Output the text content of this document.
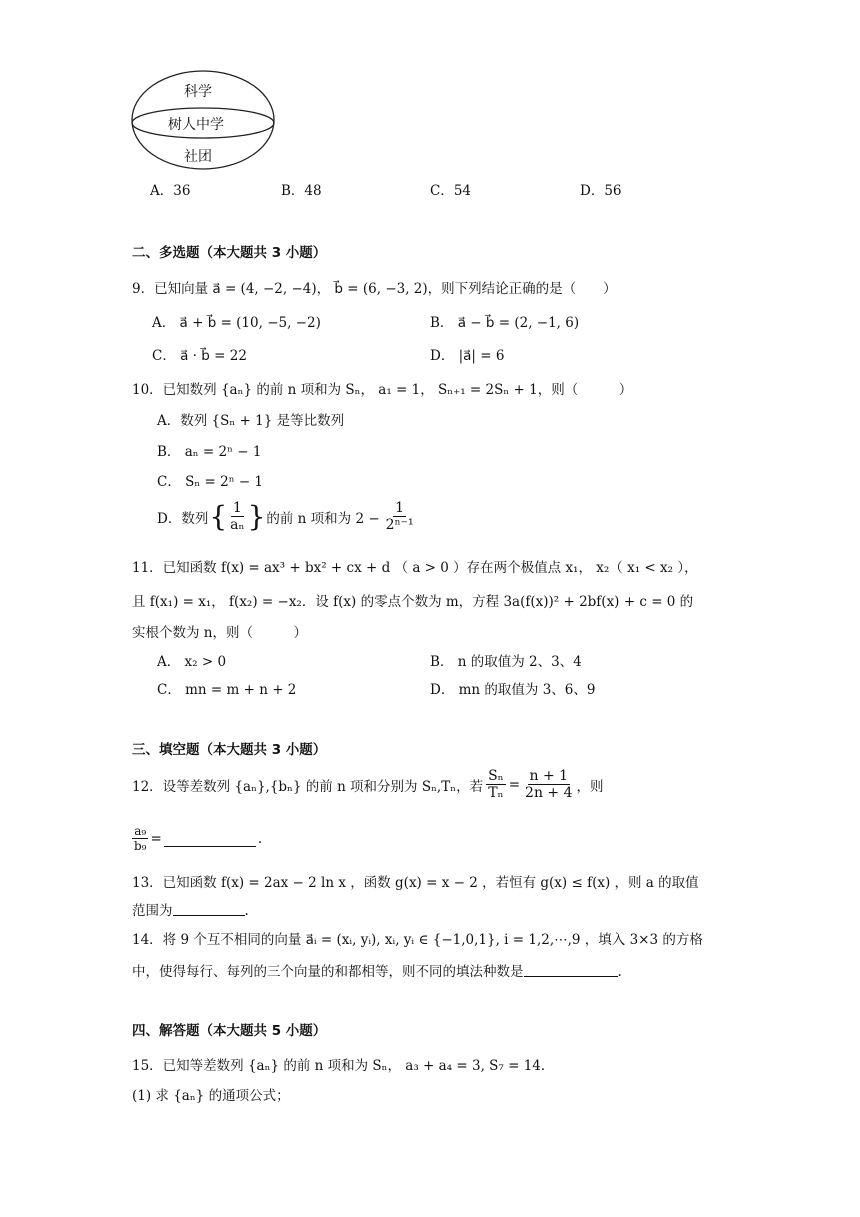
科学
树人中学
社团
A．36	B．48	C．54	D．56
二、多选题（本大题共 3 小题）
9．已知向量 a⃗ = (4, −2, −4)， b⃗ = (6, −3, 2)，则下列结论正确的是（　　）
A． a⃗ + b⃗ = (10, −5, −2)	B． a⃗ − b⃗ = (2, −1, 6)
C． a⃗ · b⃗ = 22	D． |a⃗| = 6
10．已知数列 {aₙ} 的前 n 项和为 Sₙ， a₁ = 1， Sₙ₊₁ = 2Sₙ + 1，则（　　　）
A．数列 {Sₙ + 1} 是等比数列
B． aₙ = 2ⁿ − 1
C． Sₙ = 2ⁿ − 1
D．数列 { $\frac{1}{\text{aₙ}}$ } 的前 n 项和为 $2 - \frac{1}{\text{2ⁿ⁻¹}}$
11．已知函数 f(x) = ax³ + bx² + cx + d （ a > 0 ）存在两个极值点 x₁， x₂（ x₁ < x₂ ），
且 f(x₁) = x₁， f(x₂) = −x₂．设 f(x) 的零点个数为 m，方程 3a(f(x))² + 2bf(x) + c = 0 的
实根个数为 n，则（　　　）
A． x₂ > 0	B． n 的取值为 2、3、4
C． mn = m + n + 2	D． mn 的取值为 3、6、9
三、填空题（本大题共 3 小题）
12．设等差数列 {aₙ},{bₙ} 的前 n 项和分别为 Sₙ,Tₙ，若 $\frac{\text{Sₙ}}{\text{Tₙ}} = \frac{n + 1}{2n + 4}$ ，则
$\frac{\text{a₉}}{\text{b₉}}$ =	.
13．已知函数 f(x) = 2ax − 2 ln x ，函数 g(x) = x − 2 ，若恒有 g(x) ≤ f(x) ，则 a 的取值
范围为	.
14．将 9 个互不相同的向量 a⃗ᵢ = (xᵢ, yᵢ), xᵢ, yᵢ ∈ {−1,0,1}, i = 1,2,⋯,9 ，填入 3×3 的方格
中，使得每行、每列的三个向量的和都相等，则不同的填法种数是	.
四、解答题（本大题共 5 小题）
15．已知等差数列 {aₙ} 的前 n 项和为 Sₙ， a₃ + a₄ = 3, S₇ = 14．
(1) 求 {aₙ} 的通项公式；
